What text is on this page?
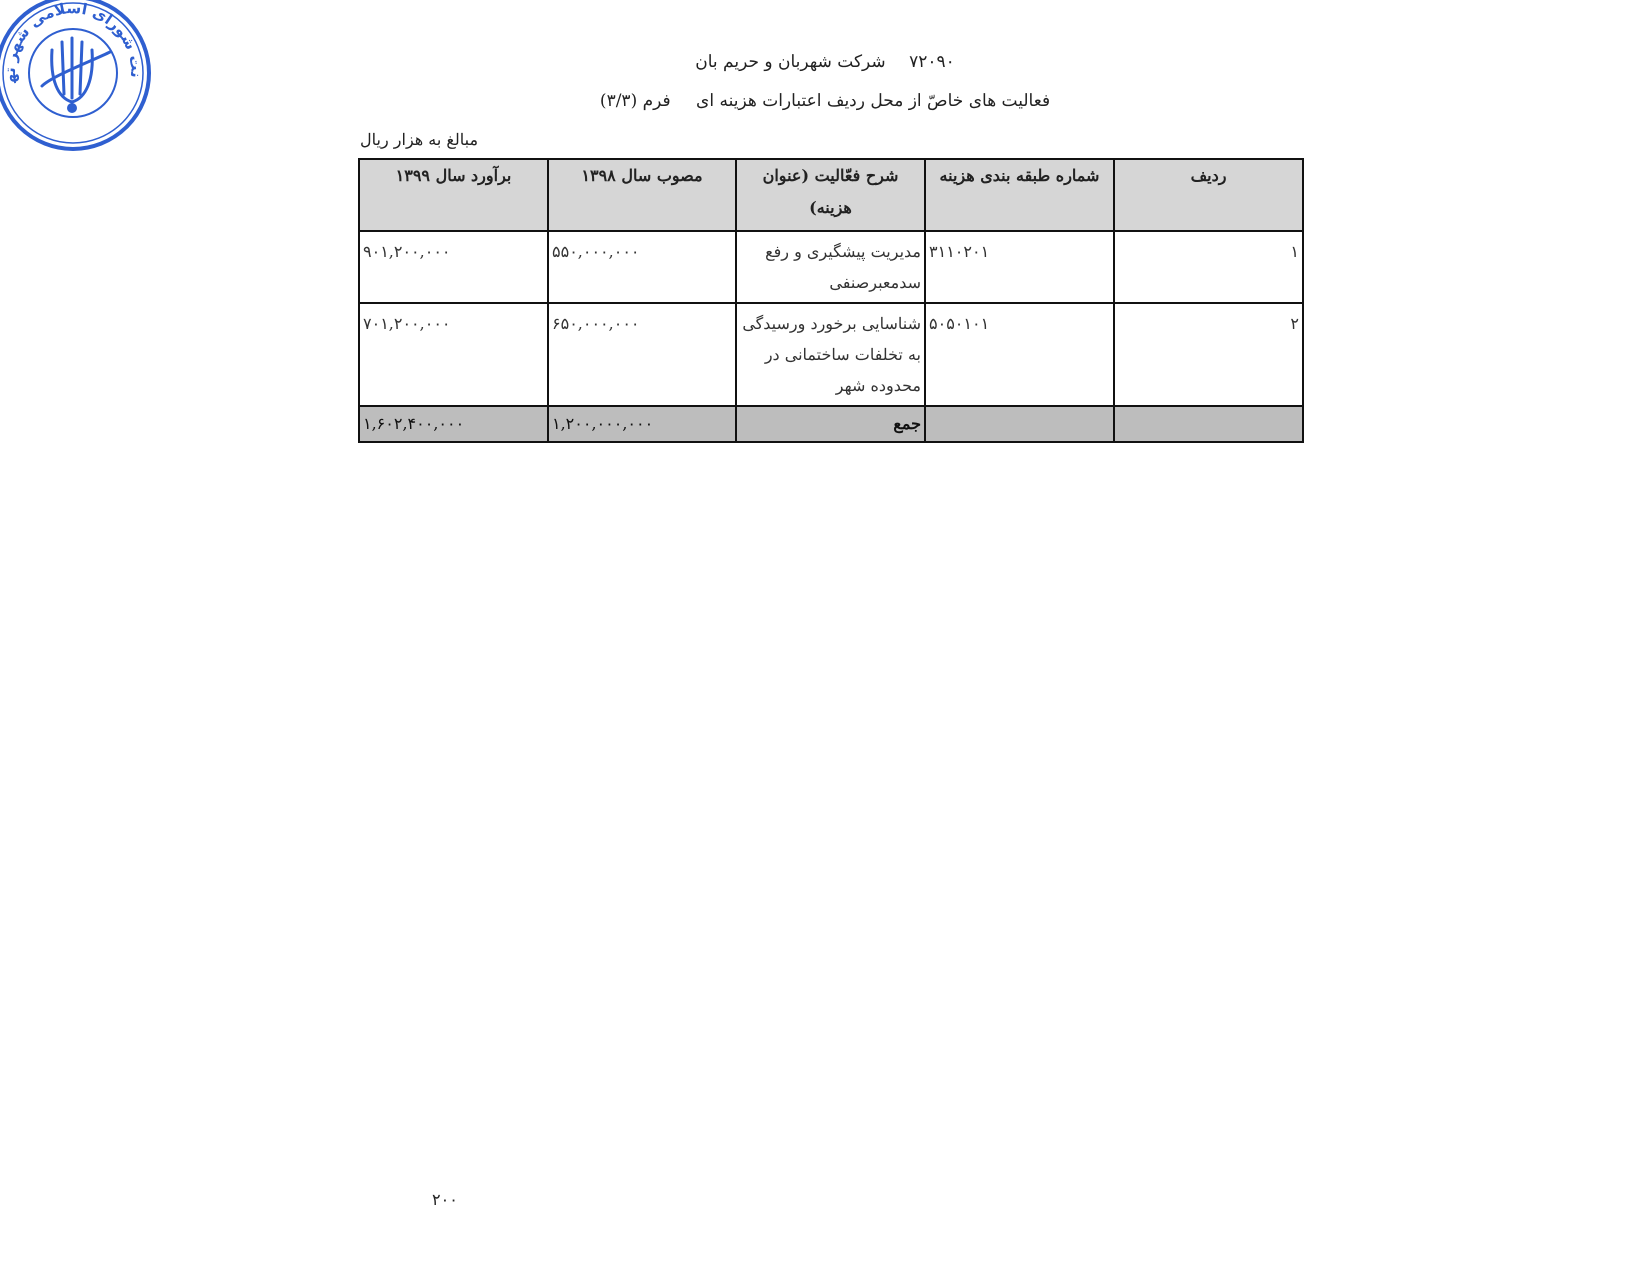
نت شورای اسلامی شهر ته
۷۲۰۹۰ شرکت شهربان و حریم بان
فعالیت های خاصّ از محل ردیف اعتبارات هزینه ای فرم (۳/۳)
مبالغ به هزار ریال
ردیف	شماره طبقه بندی هزینه	شرح فعّالیت (عنوان هزینه)	مصوب سال ۱۳۹۸	برآورد سال ۱۳۹۹
۱	۳۱۱۰۲۰۱	مدیریت پیشگیری و رفع سدمعبرصنفی	۵۵۰,۰۰۰,۰۰۰	۹۰۱,۲۰۰,۰۰۰
۲	۵۰۵۰۱۰۱	شناسایی برخورد ورسیدگی به تخلفات ساختمانی در محدوده شهر	۶۵۰,۰۰۰,۰۰۰	۷۰۱,۲۰۰,۰۰۰
		جمع	۱,۲۰۰,۰۰۰,۰۰۰	۱,۶۰۲,۴۰۰,۰۰۰
۲۰۰
